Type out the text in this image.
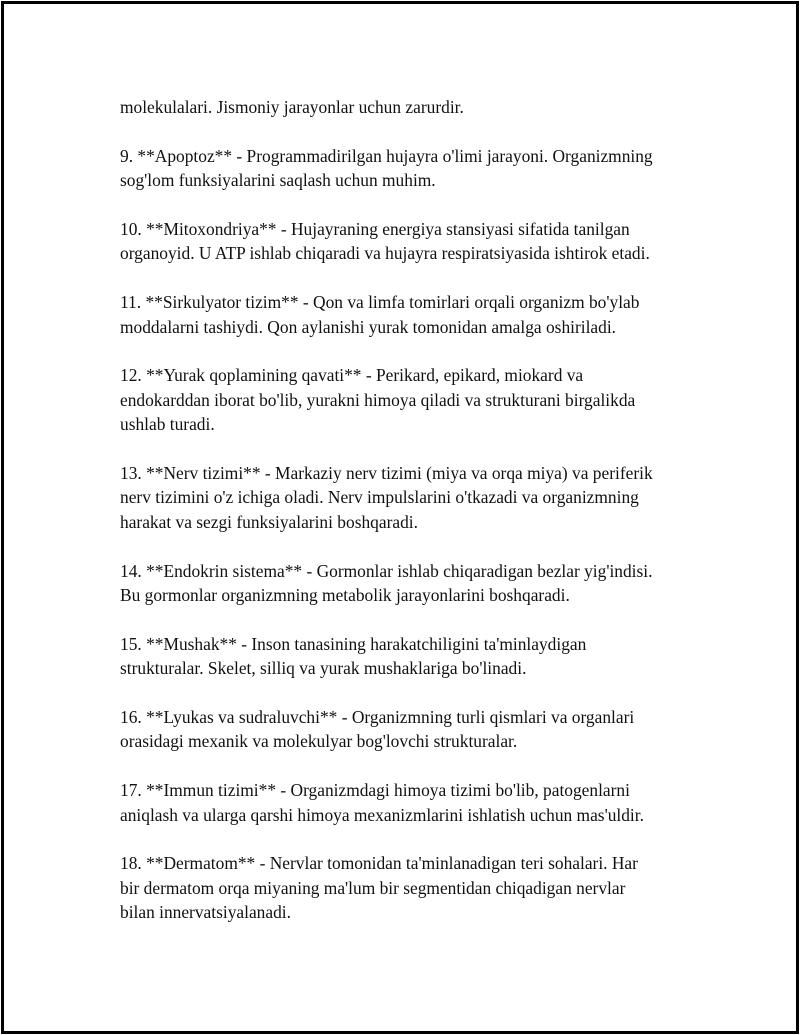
molekulalari. Jismoniy jarayonlar uchun zarurdir.

9. **Apoptoz** - Programmadirilgan hujayra o'limi jarayoni. Organizmning
sog'lom funksiyalarini saqlash uchun muhim.

10. **Mitoxondriya** - Hujayraning energiya stansiyasi sifatida tanilgan
organoyid. U ATP ishlab chiqaradi va hujayra respiratsiyasida ishtirok etadi.

11. **Sirkulyator tizim** - Qon va limfa tomirlari orqali organizm bo'ylab
moddalarni tashiydi. Qon aylanishi yurak tomonidan amalga oshiriladi.

12. **Yurak qoplamining qavati** - Perikard, epikard, miokard va
endokarddan iborat bo'lib, yurakni himoya qiladi va strukturani birgalikda
ushlab turadi.

13. **Nerv tizimi** - Markaziy nerv tizimi (miya va orqa miya) va periferik
nerv tizimini o'z ichiga oladi. Nerv impulslarini o'tkazadi va organizmning
harakat va sezgi funksiyalarini boshqaradi.

14. **Endokrin sistema** - Gormonlar ishlab chiqaradigan bezlar yig'indisi.
Bu gormonlar organizmning metabolik jarayonlarini boshqaradi.

15. **Mushak** - Inson tanasining harakatchiligini ta'minlaydigan
strukturalar. Skelet, silliq va yurak mushaklariga bo'linadi.

16. **Lyukas va sudraluvchi** - Organizmning turli qismlari va organlari
orasidagi mexanik va molekulyar bog'lovchi strukturalar.

17. **Immun tizimi** - Organizmdagi himoya tizimi bo'lib, patogenlarni
aniqlash va ularga qarshi himoya mexanizmlarini ishlatish uchun mas'uldir.

18. **Dermatom** - Nervlar tomonidan ta'minlanadigan teri sohalari. Har
bir dermatom orqa miyaning ma'lum bir segmentidan chiqadigan nervlar
bilan innervatsiyalanadi.
